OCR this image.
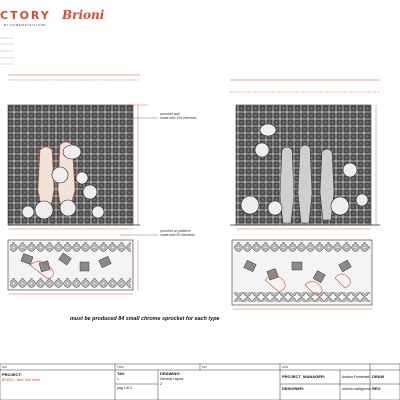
CTORY
BY HOMEWAYS/CLOSE
Brioni
sprocket wall
made with 154 elements
sprocket on platform
made with 50 elements
must be produced 84 small chrome sprocket for each type
GM	TDM	PM	ACD
PROJECT:
BRIONI - New York event
TAV.
1
pag 1 di 2
DRAWING:
General Layout
2
PROJECT_MANAGER:	Andrea Formenteli
DESIGNER:	roberto martignone
DRAW
REV:
